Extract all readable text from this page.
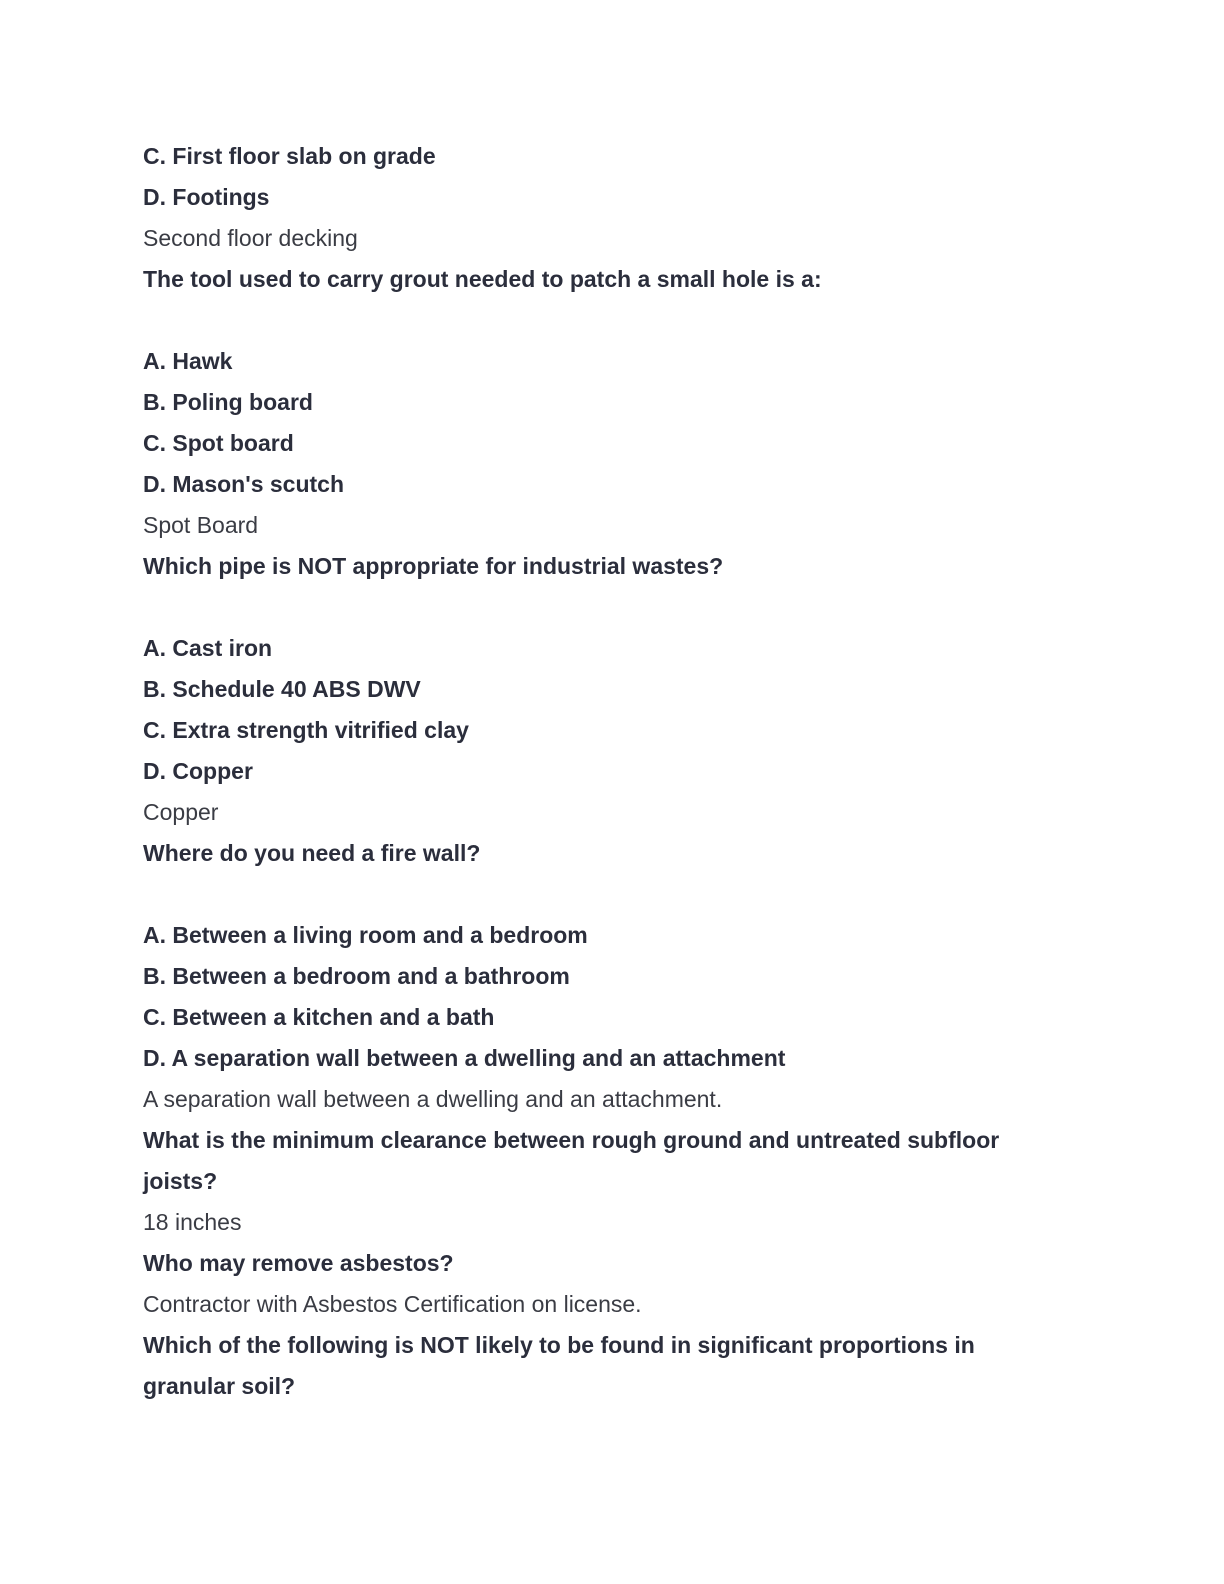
C. First floor slab on grade
D. Footings
Second floor decking
The tool used to carry grout needed to patch a small hole is a:
A. Hawk
B. Poling board
C. Spot board
D. Mason's scutch
Spot Board
Which pipe is NOT appropriate for industrial wastes?
A. Cast iron
B. Schedule 40 ABS DWV
C. Extra strength vitrified clay
D. Copper
Copper
Where do you need a fire wall?
A. Between a living room and a bedroom
B. Between a bedroom and a bathroom
C. Between a kitchen and a bath
D. A separation wall between a dwelling and an attachment
A separation wall between a dwelling and an attachment.
What is the minimum clearance between rough ground and untreated subfloor
joists?
18 inches
Who may remove asbestos?
Contractor with Asbestos Certification on license.
Which of the following is NOT likely to be found in significant proportions in
granular soil?
